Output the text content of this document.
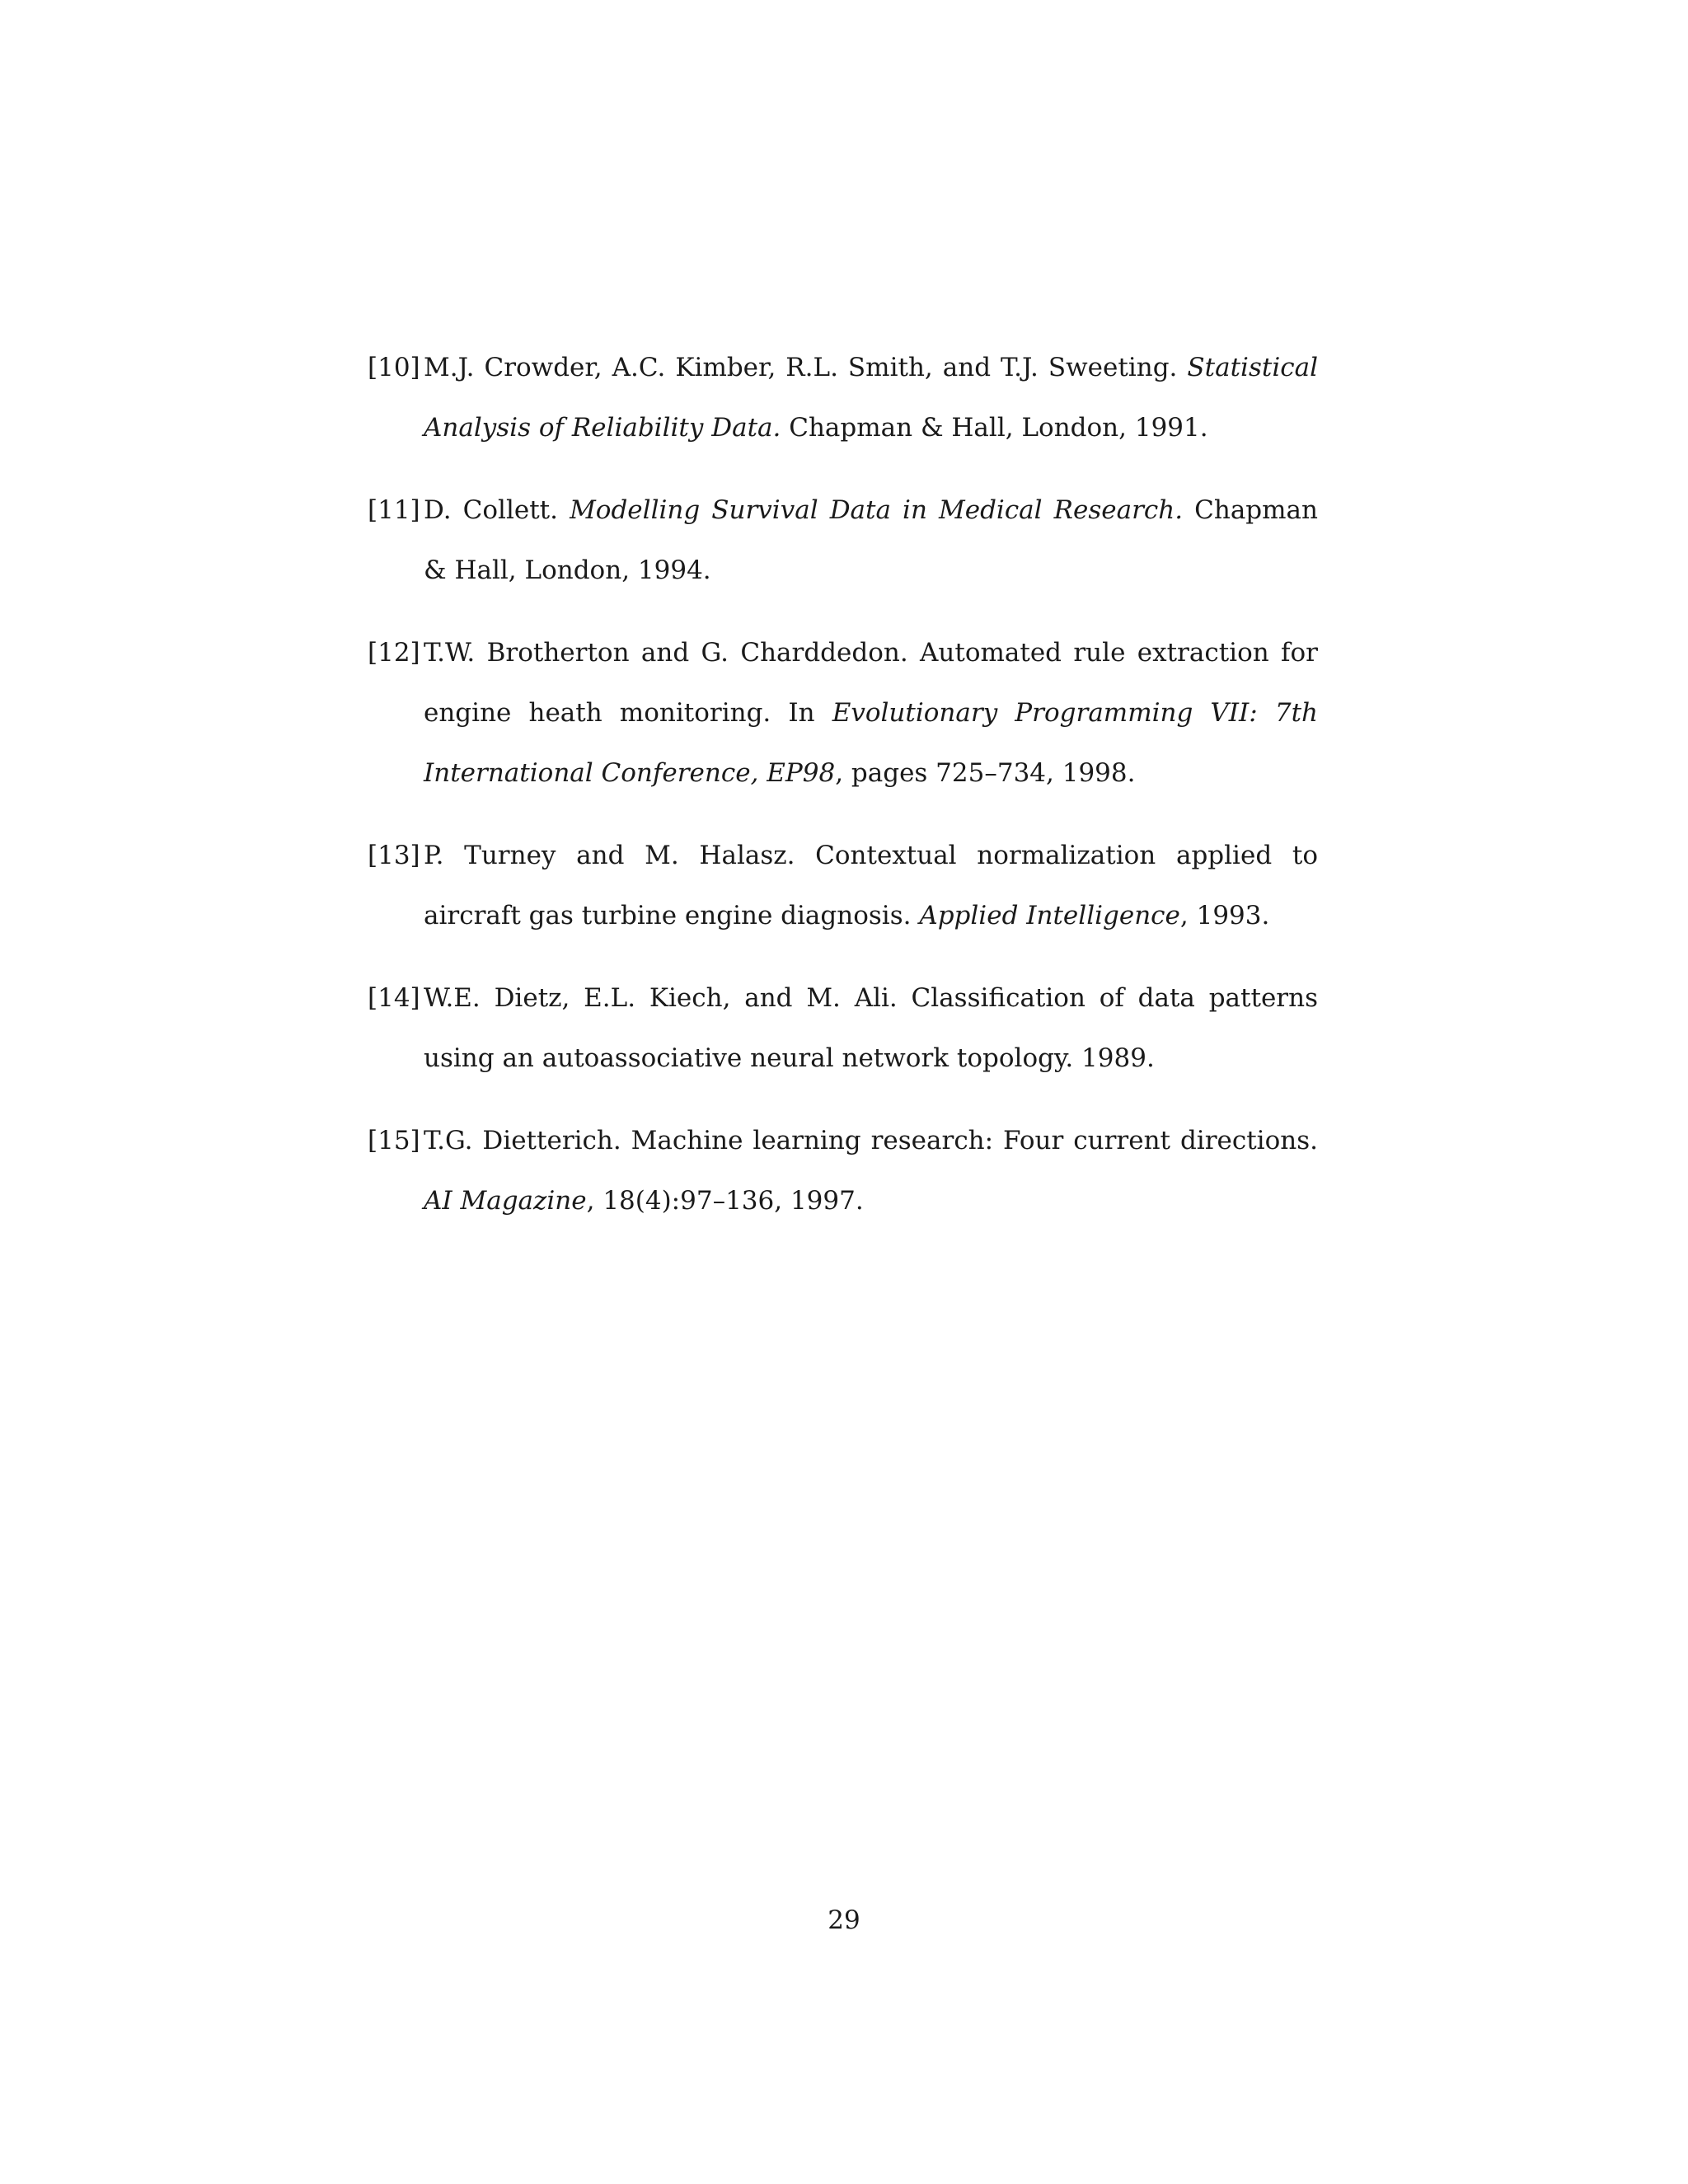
[10] M.J. Crowder, A.C. Kimber, R.L. Smith, and T.J. Sweeting. Statistical Analysis of Reliability Data. Chapman & Hall, London, 1991.
[11] D. Collett. Modelling Survival Data in Medical Research. Chapman & Hall, London, 1994.
[12] T.W. Brotherton and G. Charddedon. Automated rule extraction for engine heath monitoring. In Evolutionary Programming VII: 7th International Conference, EP98, pages 725–734, 1998.
[13] P. Turney and M. Halasz. Contextual normalization applied to aircraft gas turbine engine diagnosis. Applied Intelligence, 1993.
[14] W.E. Dietz, E.L. Kiech, and M. Ali. Classification of data patterns using an autoassociative neural network topology. 1989.
[15] T.G. Dietterich. Machine learning research: Four current directions. AI Magazine, 18(4):97–136, 1997.
29
